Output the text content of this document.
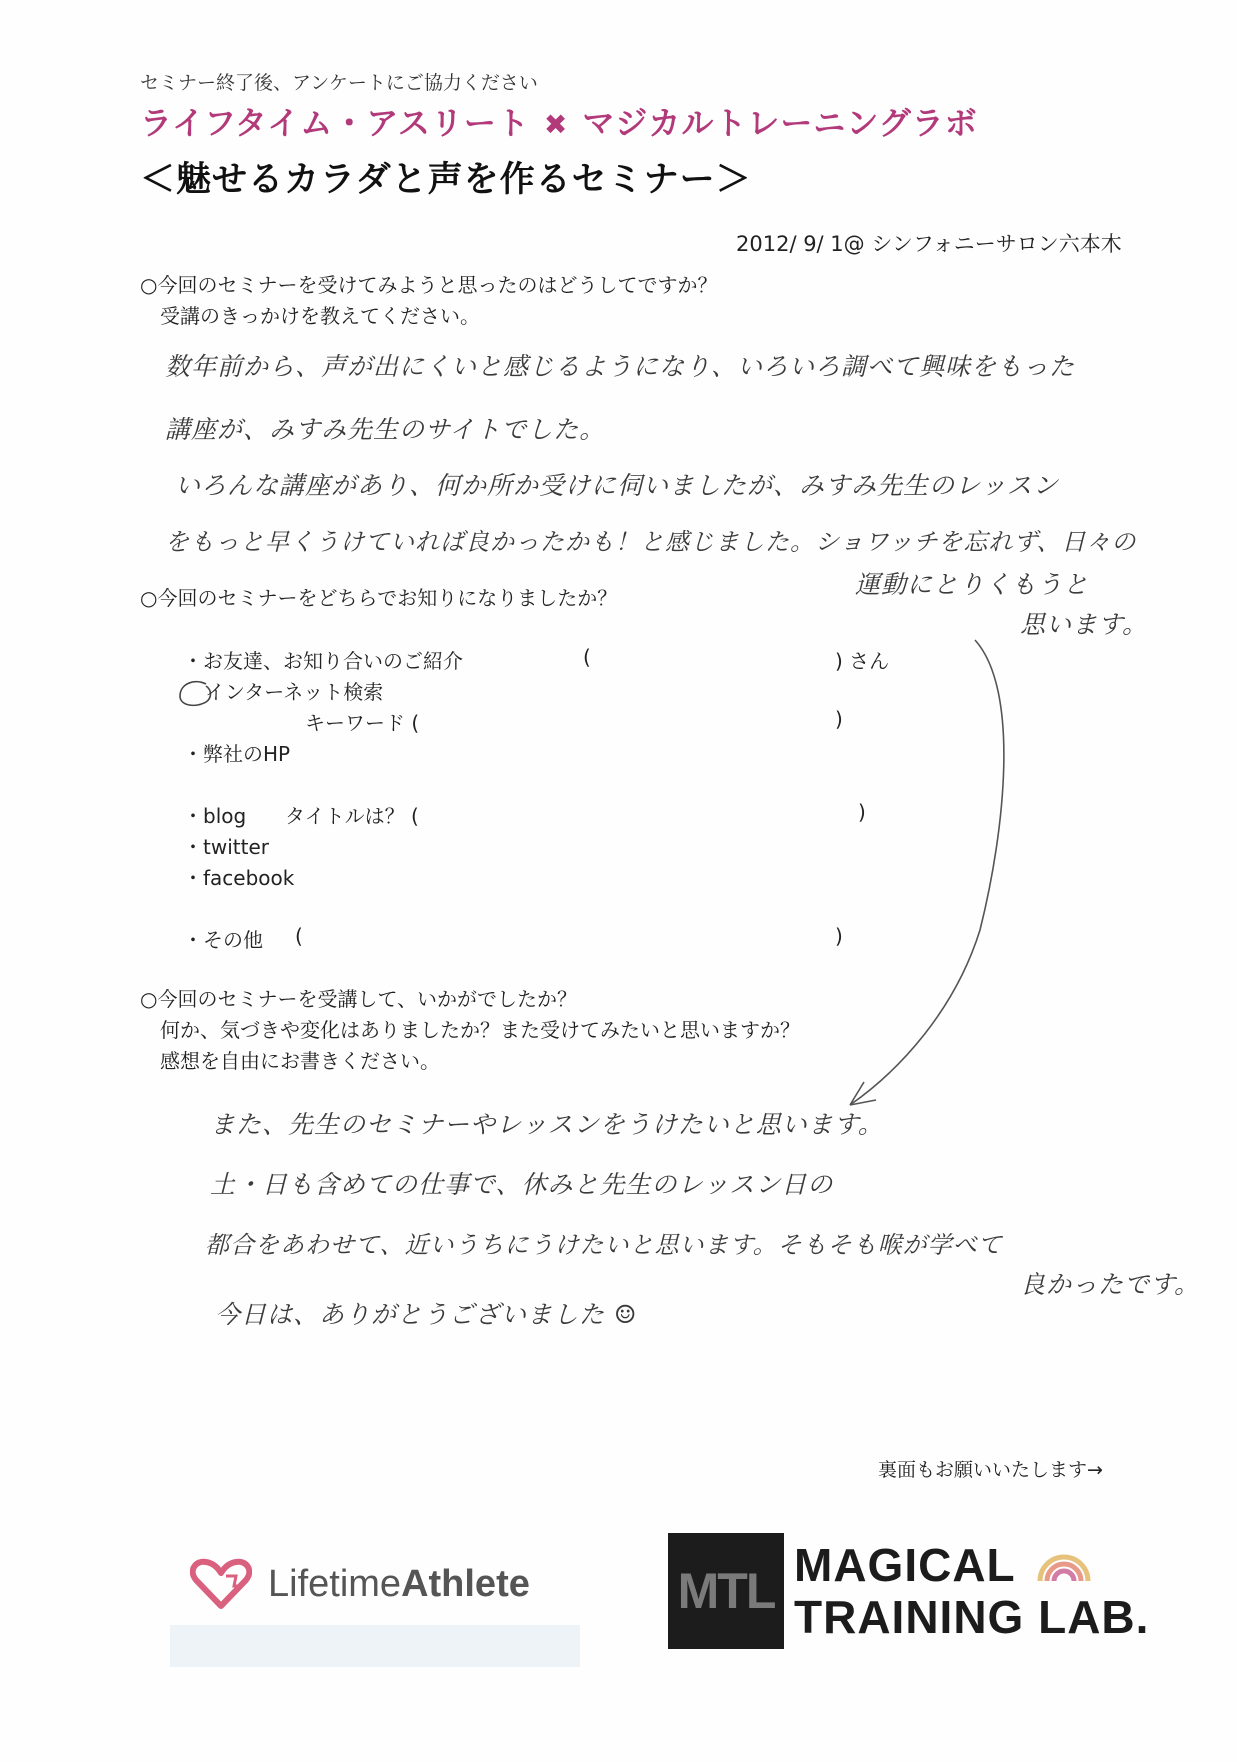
セミナー終了後、アンケートにご協力ください
ライフタイム・アスリート ✖ マジカルトレーニングラボ
＜魅せるカラダと声を作るセミナー＞
2012/ 9/ 1@ シンフォニーサロン六本木
○今回のセミナーを受けてみようと思ったのはどうしてですか？
受講のきっかけを教えてください。
数年前から、声が出にくいと感じるようになり、いろいろ調べて興味をもった
講座が、みすみ先生のサイトでした。
いろんな講座があり、何か所か受けに伺いましたが、みすみ先生のレッスン
をもっと早くうけていれば良かったかも！と感じました。ショワッチを忘れず、日々の
運動にとりくもうと
思います。
○今回のセミナーをどちらでお知りになりましたか？
・お友達、お知り合いのご紹介	(	) さん
インターネット検索
キーワード (	)
・弊社のHP
・blog タイトルは？ (	)
・twitter
・facebook
・その他 (	)
○今回のセミナーを受講して、いかがでしたか？
何か、気づきや変化はありましたか？また受けてみたいと思いますか？
感想を自由にお書きください。
また、先生のセミナーやレッスンをうけたいと思います。
土・日も含めての仕事で、休みと先生のレッスン日の
都合をあわせて、近いうちにうけたいと思います。そもそも喉が学べて
良かったです。
今日は、ありがとうございました ☺
裏面もお願いいたします→
LifetimeAthlete	MTL MAGICAL
TRAINING LAB.
